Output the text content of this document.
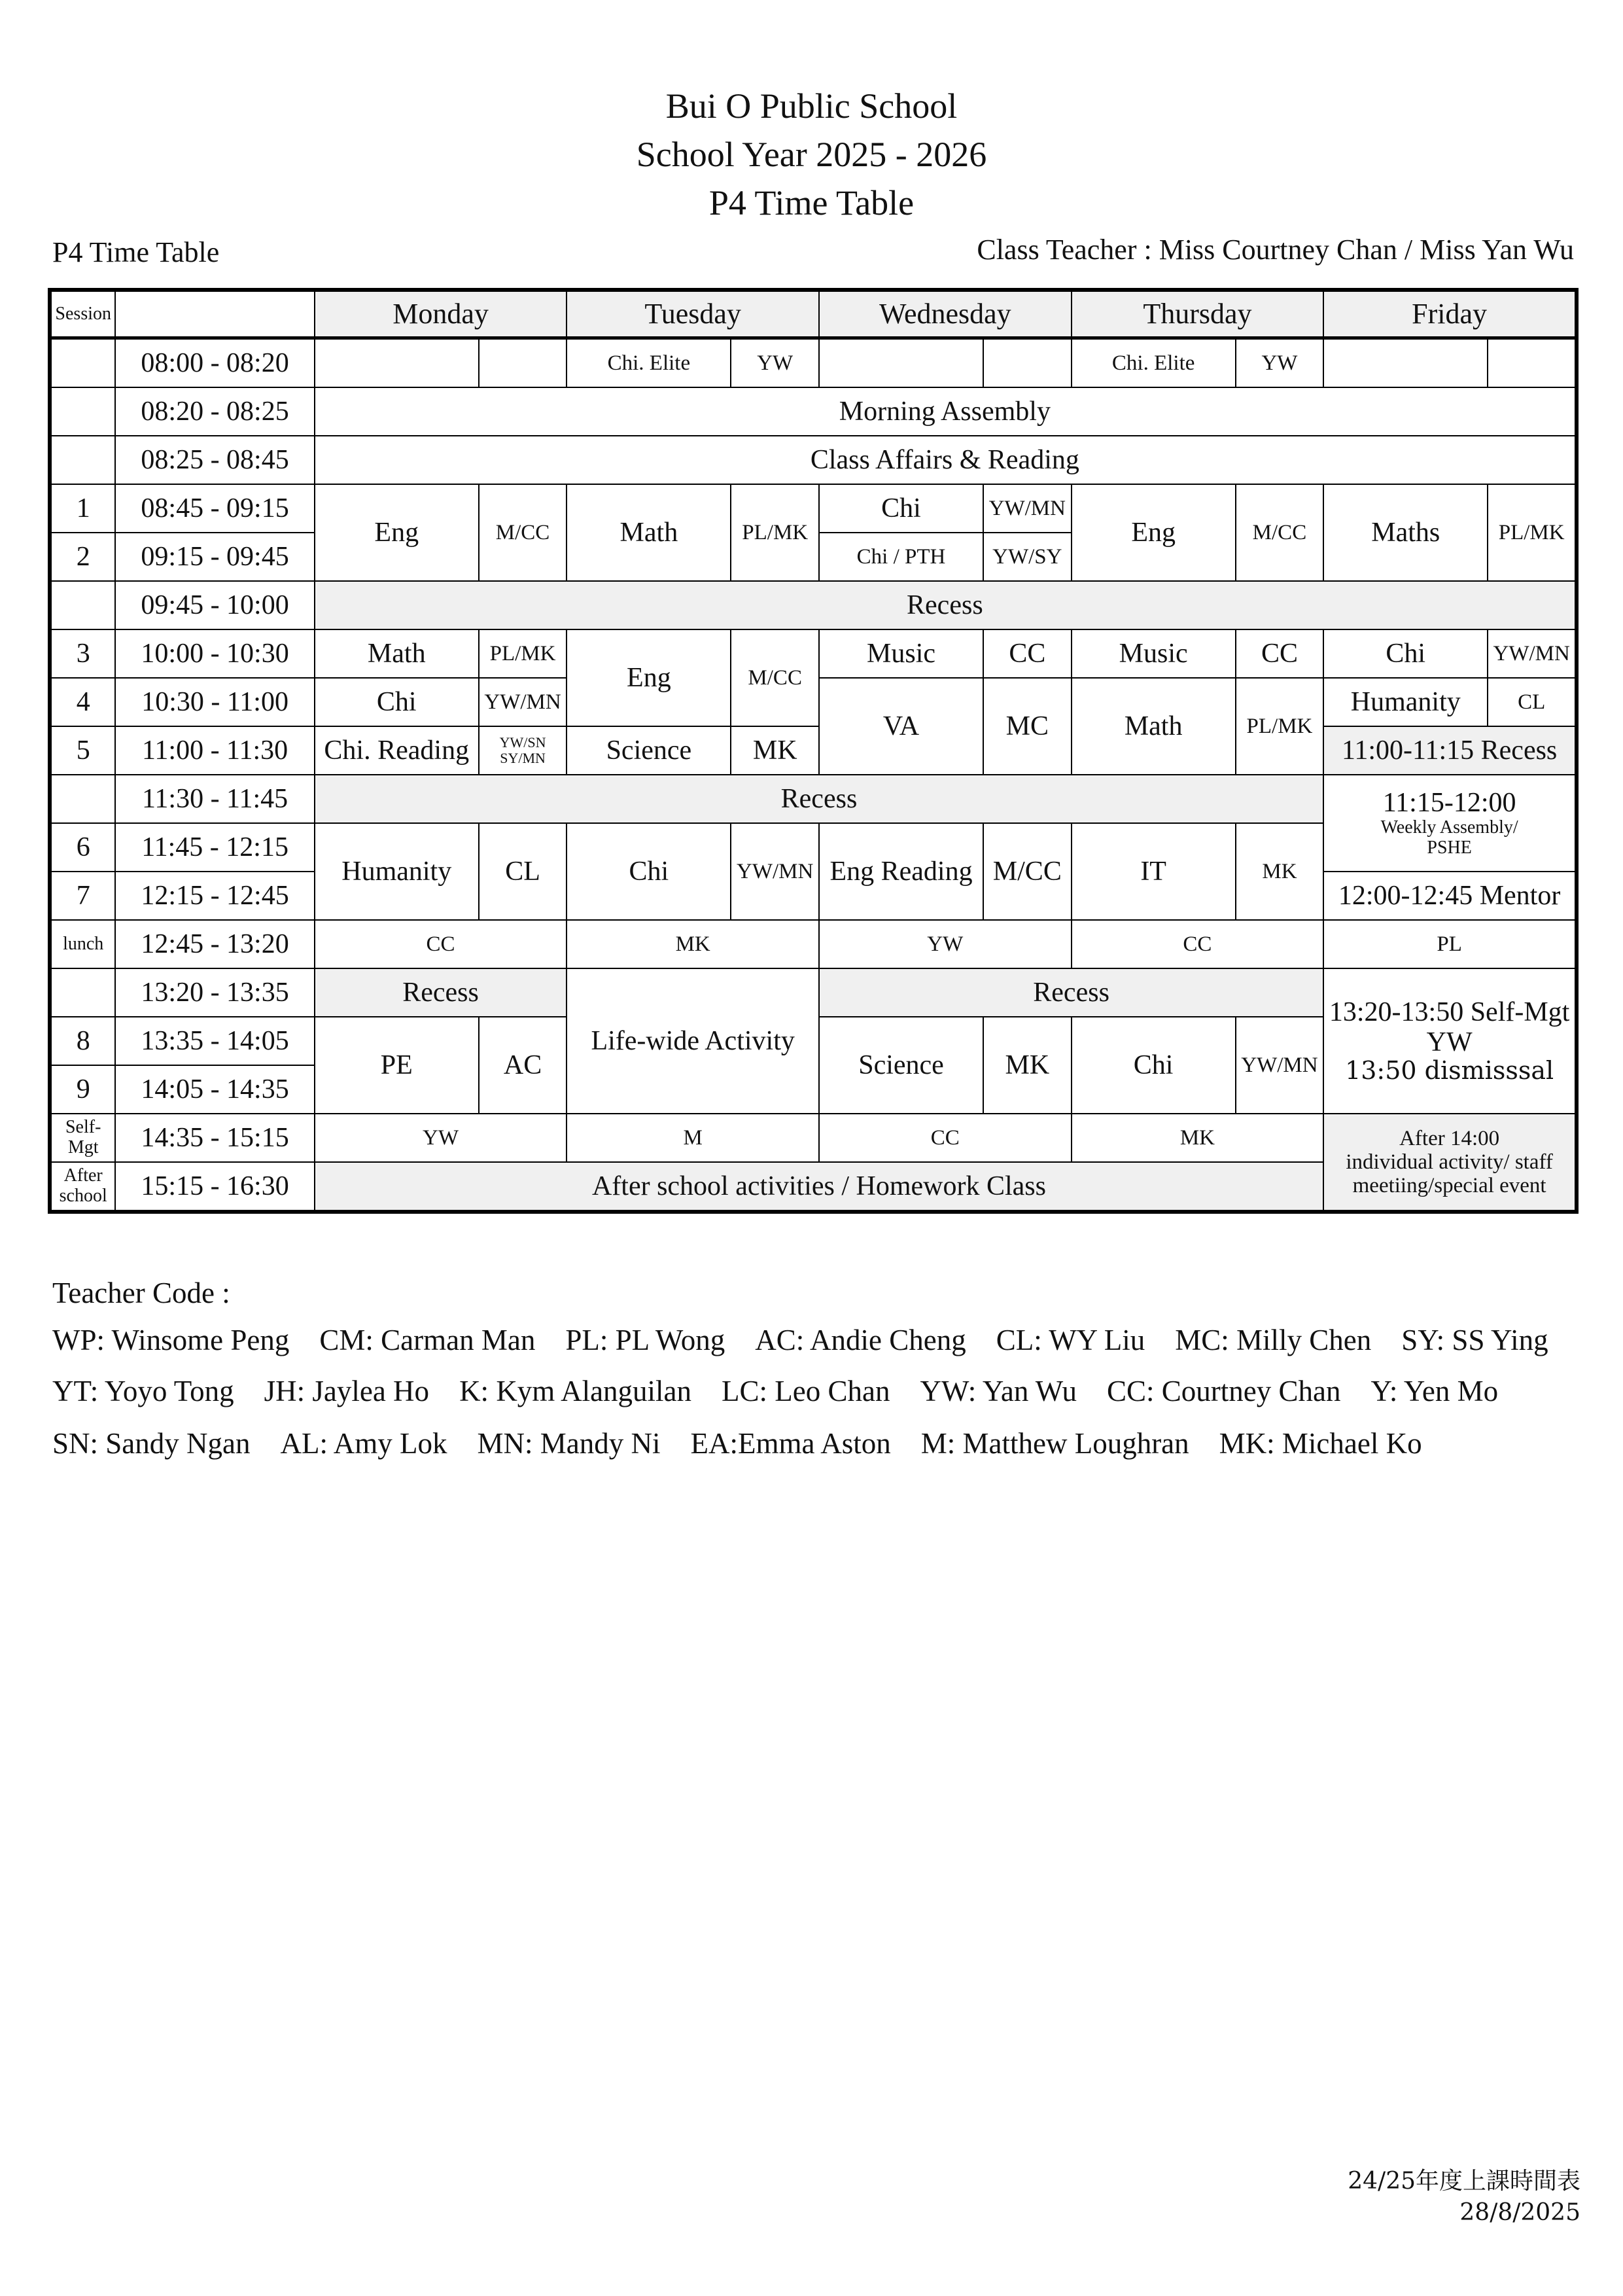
Bui O Public School
School Year 2025 - 2026
P4 Time Table
P4 Time Table	Class Teacher : Miss Courtney Chan / Miss Yan Wu
Session		Monday		Tuesday		Wednesday		Thursday		Friday	
	08:00 - 08:20			Chi. Elite	YW			Chi. Elite	YW		
	08:20 - 08:25	Morning Assembly									
	08:25 - 08:45	Class Affairs & Reading									
1	08:45 - 09:15	Eng	M/CC	Math	PL/MK	Chi	YW/MN	Eng	M/CC	Maths	PL/MK
2	09:15 - 09:45					Chi / PTH	YW/SY				
	09:45 - 10:00	Recess									
3	10:00 - 10:30	Math	PL/MK	Eng	M/CC	Music	CC	Music	CC	Chi	YW/MN
4	10:30 - 11:00	Chi	YW/MN			VA	MC	Math	PL/MK	Humanity	CL
5	11:00 - 11:30	Chi. Reading	YW/SN
SY/MN	Science	MK					11:00-11:15 Recess	
	11:30 - 11:45	Recess								11:15-12:00
Weekly Assembly/
PSHE	

6	11:45 - 12:15	Humanity	CL	Chi	YW/MN	Eng Reading	M/CC	IT	MK		
7	12:15 - 12:45									12:00-12:45 Mentor	
lunch	12:45 - 13:20	CC		MK		YW		CC		PL	
	13:20 - 13:35	Recess		Life-wide Activity		Recess				13:20-13:50 Self-Mgt
YW
13:50 dismisssal	

8	13:35 - 14:05	PE	AC			Science	MK	Chi	YW/MN		
9	14:05 - 14:35										
Self-Mgt	14:35 - 15:15	YW		M		CC		MK		After 14:00
individual activity/ staff
meetiing/special event	

After school	15:15 - 16:30	After school activities / Homework Class									
Teacher Code :
WP: Winsome Peng CM: Carman Man PL: PL Wong AC: Andie Cheng CL: WY Liu MC: Milly Chen SY: SS Ying
YT: Yoyo Tong JH: Jaylea Ho K: Kym Alanguilan LC: Leo Chan YW: Yan Wu CC: Courtney Chan Y: Yen Mo
SN: Sandy Ngan AL: Amy Lok MN: Mandy Ni EA:Emma Aston M: Matthew Loughran MK: Michael Ko
24/25年度上課時間表
28/8/2025
